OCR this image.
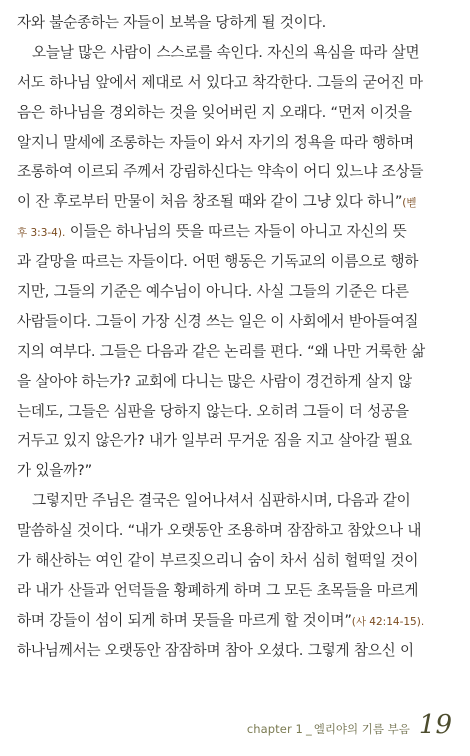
자와 불순종하는 자들이 보복을 당하게 될 것이다.
오늘날 많은 사람이 스스로를 속인다. 자신의 욕심을 따라 살면
서도 하나님 앞에서 제대로 서 있다고 착각한다. 그들의 굳어진 마
음은 하나님을 경외하는 것을 잊어버린 지 오래다. “먼저 이것을
알지니 말세에 조롱하는 자들이 와서 자기의 정욕을 따라 행하며
조롱하여 이르되 주께서 강림하신다는 약속이 어디 있느냐 조상들
이 잔 후로부터 만물이 처음 창조될 때와 같이 그냥 있다 하니”(벧
후 3:3-4). 이들은 하나님의 뜻을 따르는 자들이 아니고 자신의 뜻
과 갈망을 따르는 자들이다. 어떤 행동은 기독교의 이름으로 행하
지만, 그들의 기준은 예수님이 아니다. 사실 그들의 기준은 다른
사람들이다. 그들이 가장 신경 쓰는 일은 이 사회에서 받아들여질
지의 여부다. 그들은 다음과 같은 논리를 편다. “왜 나만 거룩한 삶
을 살아야 하는가? 교회에 다니는 많은 사람이 경건하게 살지 않
는데도, 그들은 심판을 당하지 않는다. 오히려 그들이 더 성공을
거두고 있지 않은가? 내가 일부러 무거운 짐을 지고 살아갈 필요
가 있을까?”
그렇지만 주님은 결국은 일어나셔서 심판하시며, 다음과 같이
말씀하실 것이다. “내가 오랫동안 조용하며 잠잠하고 참았으나 내
가 해산하는 여인 같이 부르짖으리니 숨이 차서 심히 헐떡일 것이
라 내가 산들과 언덕들을 황폐하게 하며 그 모든 초목들을 마르게
하며 강들이 섬이 되게 하며 못들을 마르게 할 것이며”(사 42:14-15).
하나님께서는 오랫동안 잠잠하며 참아 오셨다. 그렇게 참으신 이
chapter 1 _ 엘리야의 기름 부음 19
